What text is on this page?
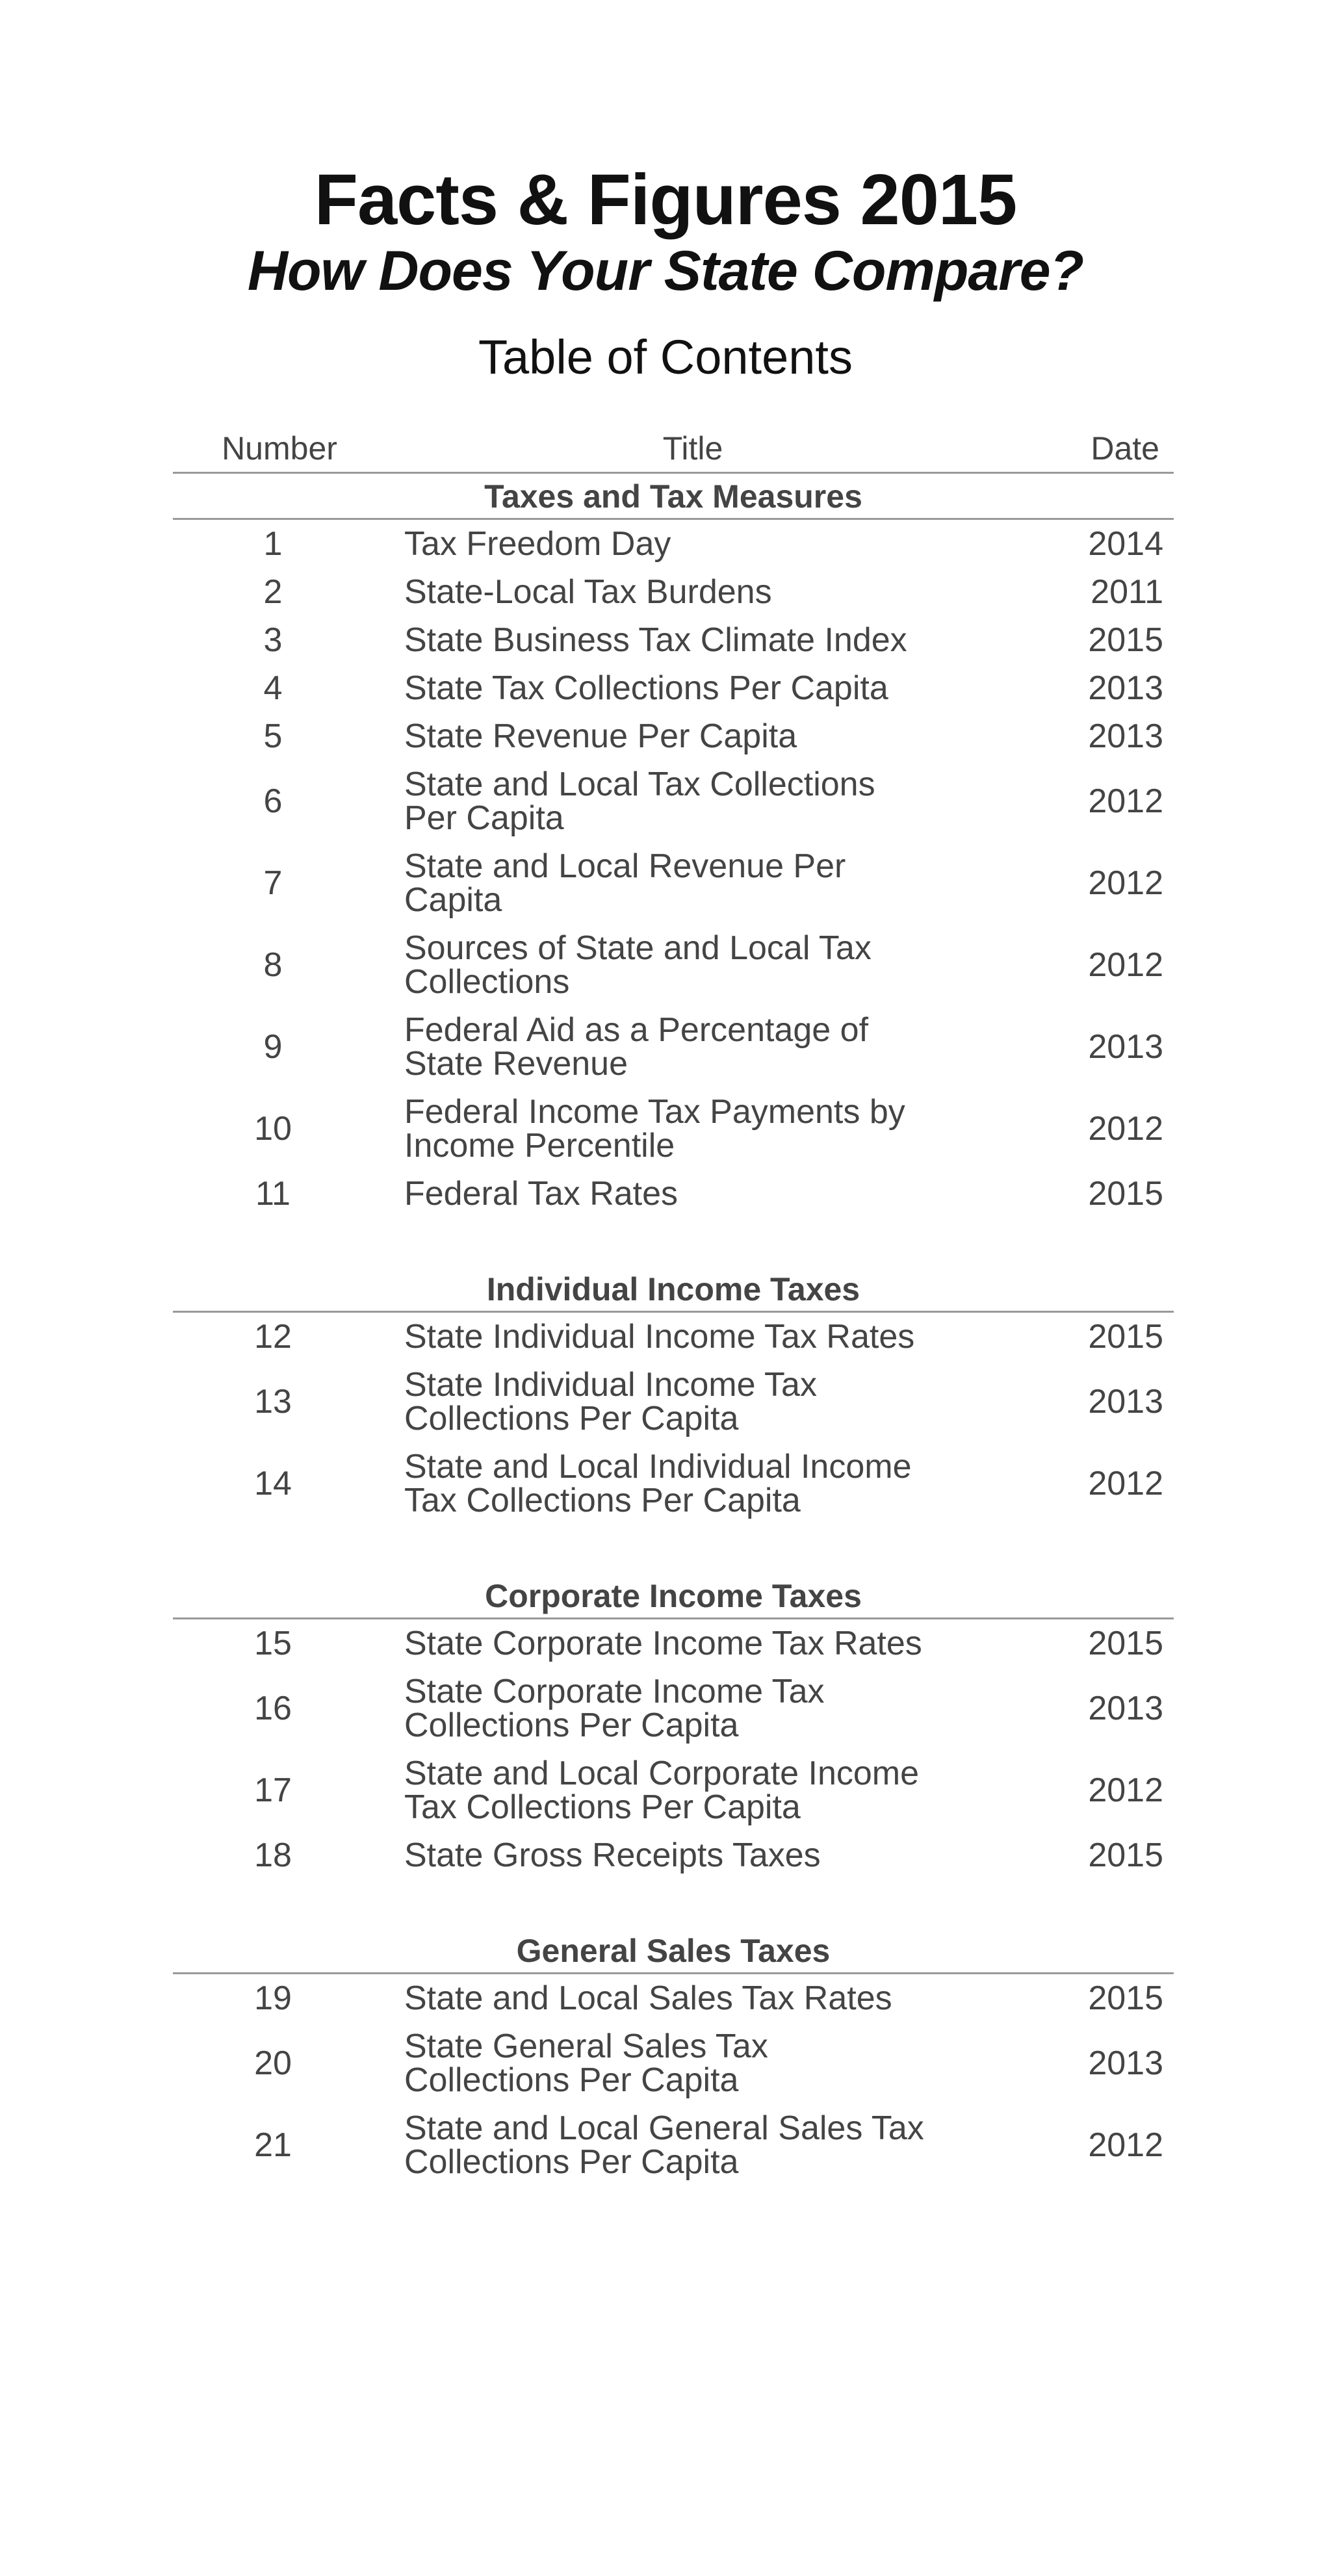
Facts & Figures 2015
How Does Your State Compare?
Table of Contents
Number	Title	Date
Taxes and Tax Measures
1	Tax Freedom Day	2014
2	State-Local Tax Burdens	2011
3	State Business Tax Climate Index	2015
4	State Tax Collections Per Capita	2013
5	State Revenue Per Capita	2013
6	State and Local Tax Collections
Per Capita	2012
7	State and Local Revenue Per
Capita	2012
8	Sources of State and Local Tax
Collections	2012
9	Federal Aid as a Percentage of
State Revenue	2013
10	Federal Income Tax Payments by
Income Percentile	2012
11	Federal Tax Rates	2015
Individual Income Taxes
12	State Individual Income Tax Rates	2015
13	State Individual Income Tax
Collections Per Capita	2013
14	State and Local Individual Income
Tax Collections Per Capita	2012
Corporate Income Taxes
15	State Corporate Income Tax Rates	2015
16	State Corporate Income Tax
Collections Per Capita	2013
17	State and Local Corporate Income
Tax Collections Per Capita	2012
18	State Gross Receipts Taxes	2015
General Sales Taxes
19	State and Local Sales Tax Rates	2015
20	State General Sales Tax
Collections Per Capita	2013
21	State and Local General Sales Tax
Collections Per Capita	2012
